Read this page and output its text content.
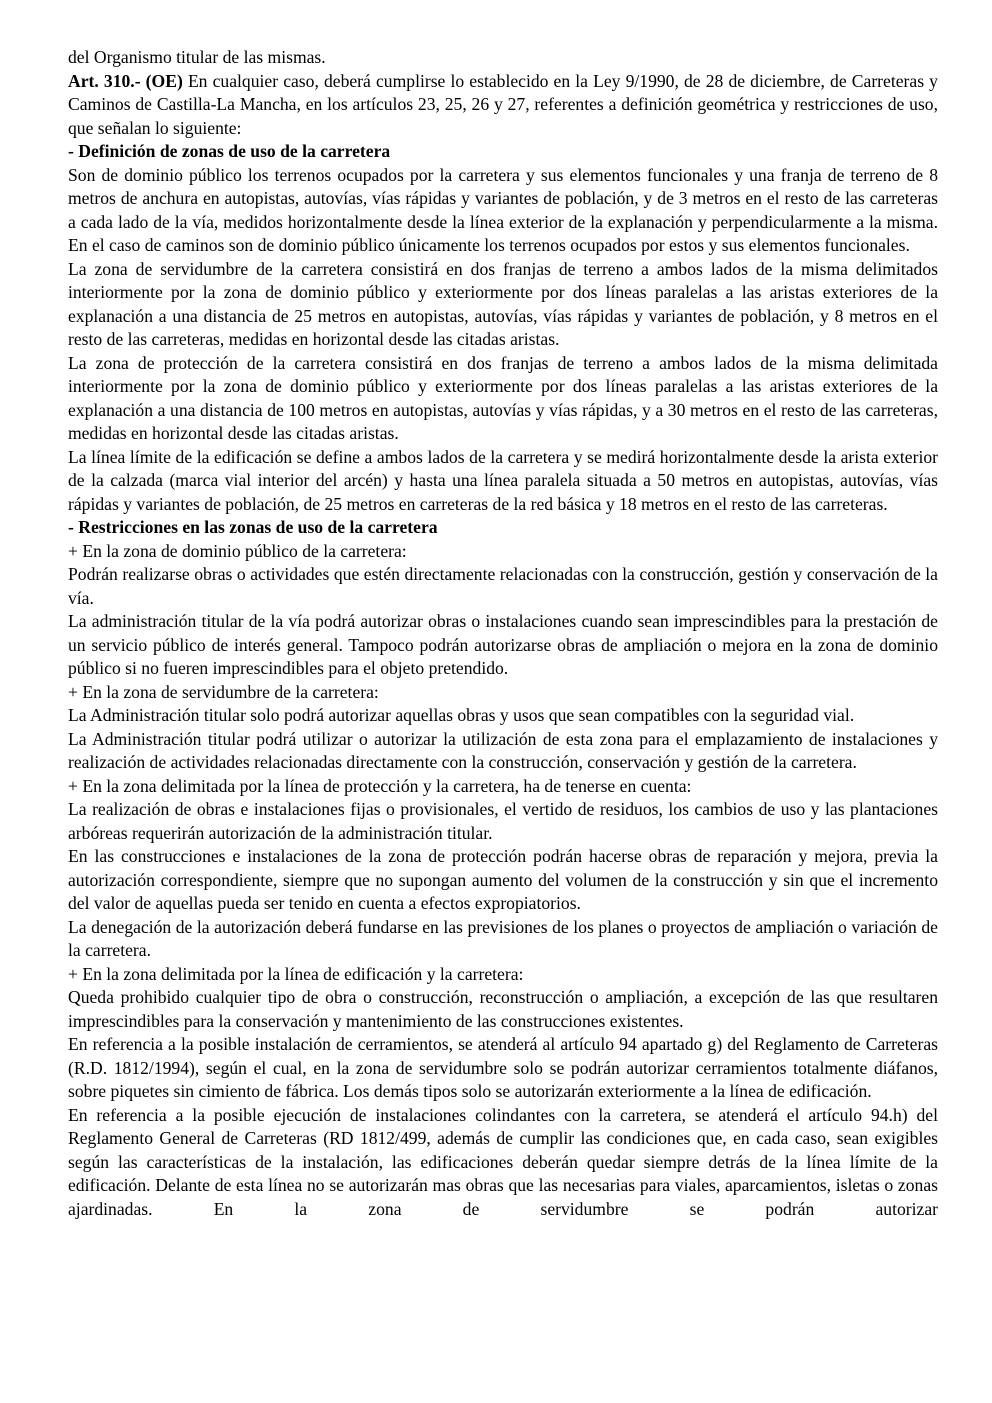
del Organismo titular de las mismas.

Art. 310.- (OE) En cualquier caso, deberá cumplirse lo establecido en la Ley 9/1990, de 28 de diciembre, de Carreteras y Caminos de Castilla-La Mancha, en los artículos 23, 25, 26 y 27, referentes a definición geométrica y restricciones de uso, que señalan lo siguiente:

- Definición de zonas de uso de la carretera

Son de dominio público los terrenos ocupados por la carretera y sus elementos funcionales y una franja de terreno de 8 metros de anchura en autopistas, autovías, vías rápidas y variantes de población, y de 3 metros en el resto de las carreteras a cada lado de la vía, medidos horizontalmente desde la línea exterior de la explanación y perpendicularmente a la misma. En el caso de caminos son de dominio público únicamente los terrenos ocupados por estos y sus elementos funcionales.

La zona de servidumbre de la carretera consistirá en dos franjas de terreno a ambos lados de la misma delimitados interiormente por la zona de dominio público y exteriormente por dos líneas paralelas a las aristas exteriores de la explanación a una distancia de 25 metros en autopistas, autovías, vías rápidas y variantes de población, y 8 metros en el resto de las carreteras, medidas en horizontal desde las citadas aristas.

La zona de protección de la carretera consistirá en dos franjas de terreno a ambos lados de la misma delimitada interiormente por la zona de dominio público y exteriormente por dos líneas paralelas a las aristas exteriores de la explanación a una distancia de 100 metros en autopistas, autovías y vías rápidas, y a 30 metros en el resto de las carreteras, medidas en horizontal desde las citadas aristas.

La línea límite de la edificación se define a ambos lados de la carretera y se medirá horizontalmente desde la arista exterior de la calzada (marca vial interior del arcén) y hasta una línea paralela situada a 50 metros en autopistas, autovías, vías rápidas y variantes de población, de 25 metros en carreteras de la red básica y 18 metros en el resto de las carreteras.

- Restricciones en las zonas de uso de la carretera

+ En la zona de dominio público de la carretera:

Podrán realizarse obras o actividades que estén directamente relacionadas con la construcción, gestión y conservación de la vía.

La administración titular de la vía podrá autorizar obras o instalaciones cuando sean imprescindibles para la prestación de un servicio público de interés general. Tampoco podrán autorizarse obras de ampliación o mejora en la zona de dominio público si no fueren imprescindibles para el objeto pretendido.

+ En la zona de servidumbre de la carretera:

La Administración titular solo podrá autorizar aquellas obras y usos que sean compatibles con la seguridad vial.

La Administración titular podrá utilizar o autorizar la utilización de esta zona para el emplazamiento de instalaciones y realización de actividades relacionadas directamente con la construcción, conservación y gestión de la carretera.

+ En la zona delimitada por la línea de protección y la carretera, ha de tenerse en cuenta:

La realización de obras e instalaciones fijas o provisionales, el vertido de residuos, los cambios de uso y las plantaciones arbóreas requerirán autorización de la administración titular.

En las construcciones e instalaciones de la zona de protección podrán hacerse obras de reparación y mejora, previa la autorización correspondiente, siempre que no supongan aumento del volumen de la construcción y sin que el incremento del valor de aquellas pueda ser tenido en cuenta a efectos expropiatorios.

La denegación de la autorización deberá fundarse en las previsiones de los planes o proyectos de ampliación o variación de la carretera.

+ En la zona delimitada por la línea de edificación y la carretera:

Queda prohibido cualquier tipo de obra o construcción, reconstrucción o ampliación, a excepción de las que resultaren imprescindibles para la conservación y mantenimiento de las construcciones existentes.

En referencia a la posible instalación de cerramientos, se atenderá al artículo 94 apartado g) del Reglamento de Carreteras (R.D. 1812/1994), según el cual, en la zona de servidumbre solo se podrán autorizar cerramientos totalmente diáfanos, sobre piquetes sin cimiento de fábrica. Los demás tipos solo se autorizarán exteriormente a la línea de edificación.

En referencia a la posible ejecución de instalaciones colindantes con la carretera, se atenderá el artículo 94.h) del Reglamento General de Carreteras (RD 1812/499, además de cumplir las condiciones que, en cada caso, sean exigibles según las características de la instalación, las edificaciones deberán quedar siempre detrás de la línea límite de la edificación. Delante de esta línea no se autorizarán mas obras que las necesarias para viales, aparcamientos, isletas o zonas ajardinadas. En la zona de servidumbre se podrán autorizar
